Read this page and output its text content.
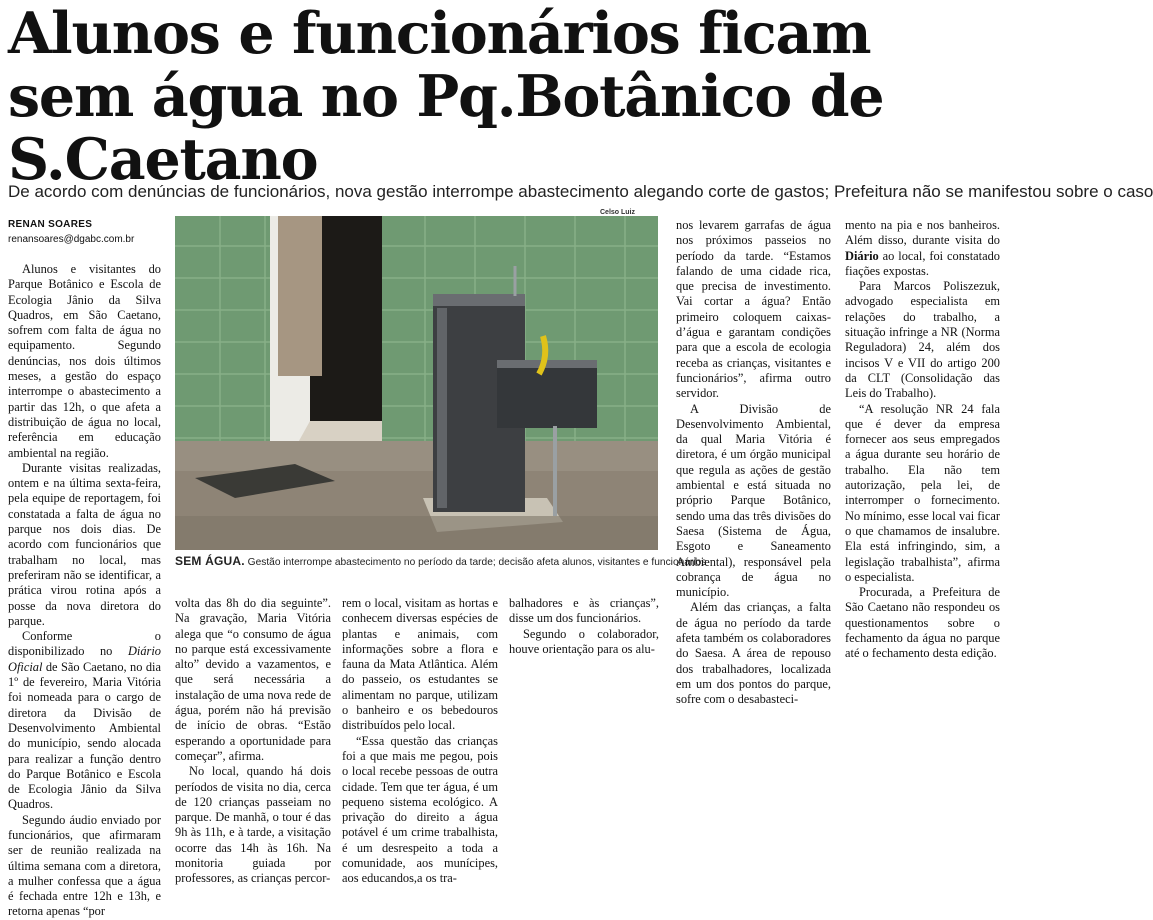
Alunos e funcionários ficam sem água no Pq.Botânico de S.Caetano
De acordo com denúncias de funcionários, nova gestão interrompe abastecimento alegando corte de gastos; Prefeitura não se manifestou sobre o caso
RENAN SOARES
renansoares@dgabc.com.br
Celso Luiz
SEM ÁGUA. Gestão interrompe abastecimento no período da tarde; decisão afeta alunos, visitantes e funcionários

Alunos e visitantes do Parque Botânico e Escola de Ecologia Jânio da Silva Quadros, em São Caetano, sofrem com falta de água no equipamento. Segundo denúncias, nos dois últimos meses, a gestão do espaço interrompe o abastecimento a partir das 12h, o que afeta a distribuição de água no local, referência em educação ambiental na região.

Durante visitas realizadas, ontem e na última sexta-feira, pela equipe de reportagem, foi constatada a falta de água no parque nos dois dias. De acordo com funcionários que trabalham no local, mas preferiram não se identificar, a prática virou rotina após a posse da nova diretora do parque.

Conforme o disponibilizado no Diário Oficial de São Caetano, no dia 1º de fevereiro, Maria Vitória foi nomeada para o cargo de diretora da Divisão de Desenvolvimento Ambiental do município, sendo alocada para realizar a função dentro do Parque Botânico e Escola de Ecologia Jânio da Silva Quadros.

Segundo áudio enviado por funcionários, que afirmaram ser de reunião realizada na última semana com a diretora, a mulher confessa que a água é fechada entre 12h e 13h, e retorna apenas “por

volta das 8h do dia seguinte”. Na gravação, Maria Vitória alega que “o consumo de água no parque está excessivamente alto” devido a vazamentos, e que será necessária a instalação de uma nova rede de água, porém não há previsão de início de obras. “Estão esperando a oportunidade para começar”, afirma.

No local, quando há dois períodos de visita no dia, cerca de 120 crianças passeiam no parque. De manhã, o tour é das 9h às 11h, e à tarde, a visitação ocorre das 14h às 16h. Na monitoria guiada por professores, as crianças percor-

rem o local, visitam as hortas e conhecem diversas espécies de plantas e animais, com informações sobre a flora e fauna da Mata Atlântica. Além do passeio, os estudantes se alimentam no parque, utilizam o banheiro e os bebedouros distribuídos pelo local.

“Essa questão das crianças foi a que mais me pegou, pois o local recebe pessoas de outra cidade. Tem que ter água, é um pequeno sistema ecológico. A privação do direito a água potável é um crime trabalhista, é um desrespeito a toda a comunidade, aos munícipes, aos educandos,a os tra-

balhadores e às crianças”, disse um dos funcionários.

Segundo o colaborador, houve orientação para os alu-

nos levarem garrafas de água nos próximos passeios no período da tarde. “Estamos falando de uma cidade rica, que precisa de investimento. Vai cortar a água? Então primeiro coloquem caixas-d’água e garantam condições para que a escola de ecologia receba as crianças, visitantes e funcionários”, afirma outro servidor.

A Divisão de Desenvolvimento Ambiental, da qual Maria Vitória é diretora, é um órgão municipal que regula as ações de gestão ambiental e está situada no próprio Parque Botânico, sendo uma das três divisões do Saesa (Sistema de Água, Esgoto e Saneamento Ambiental), responsável pela cobrança de água no município.

Além das crianças, a falta de água no período da tarde afeta também os colaboradores do Saesa. A área de repouso dos trabalhadores, localizada em um dos pontos do parque, sofre com o desabasteci-

mento na pia e nos banheiros. Além disso, durante visita do Diário ao local, foi constatado fiações expostas.

Para Marcos Poliszezuk, advogado especialista em relações do trabalho, a situação infringe a NR (Norma Reguladora) 24, além dos incisos V e VII do artigo 200 da CLT (Consolidação das Leis do Trabalho).

“A resolução NR 24 fala que é dever da empresa fornecer aos seus empregados a água durante seu horário de trabalho. Ela não tem autorização, pela lei, de interromper o fornecimento. No mínimo, esse local vai ficar o que chamamos de insalubre. Ela está infringindo, sim, a legislação trabalhista”, afirma o especialista.

Procurada, a Prefeitura de São Caetano não respondeu os questionamentos sobre o fechamento da água no parque até o fechamento desta edição.
